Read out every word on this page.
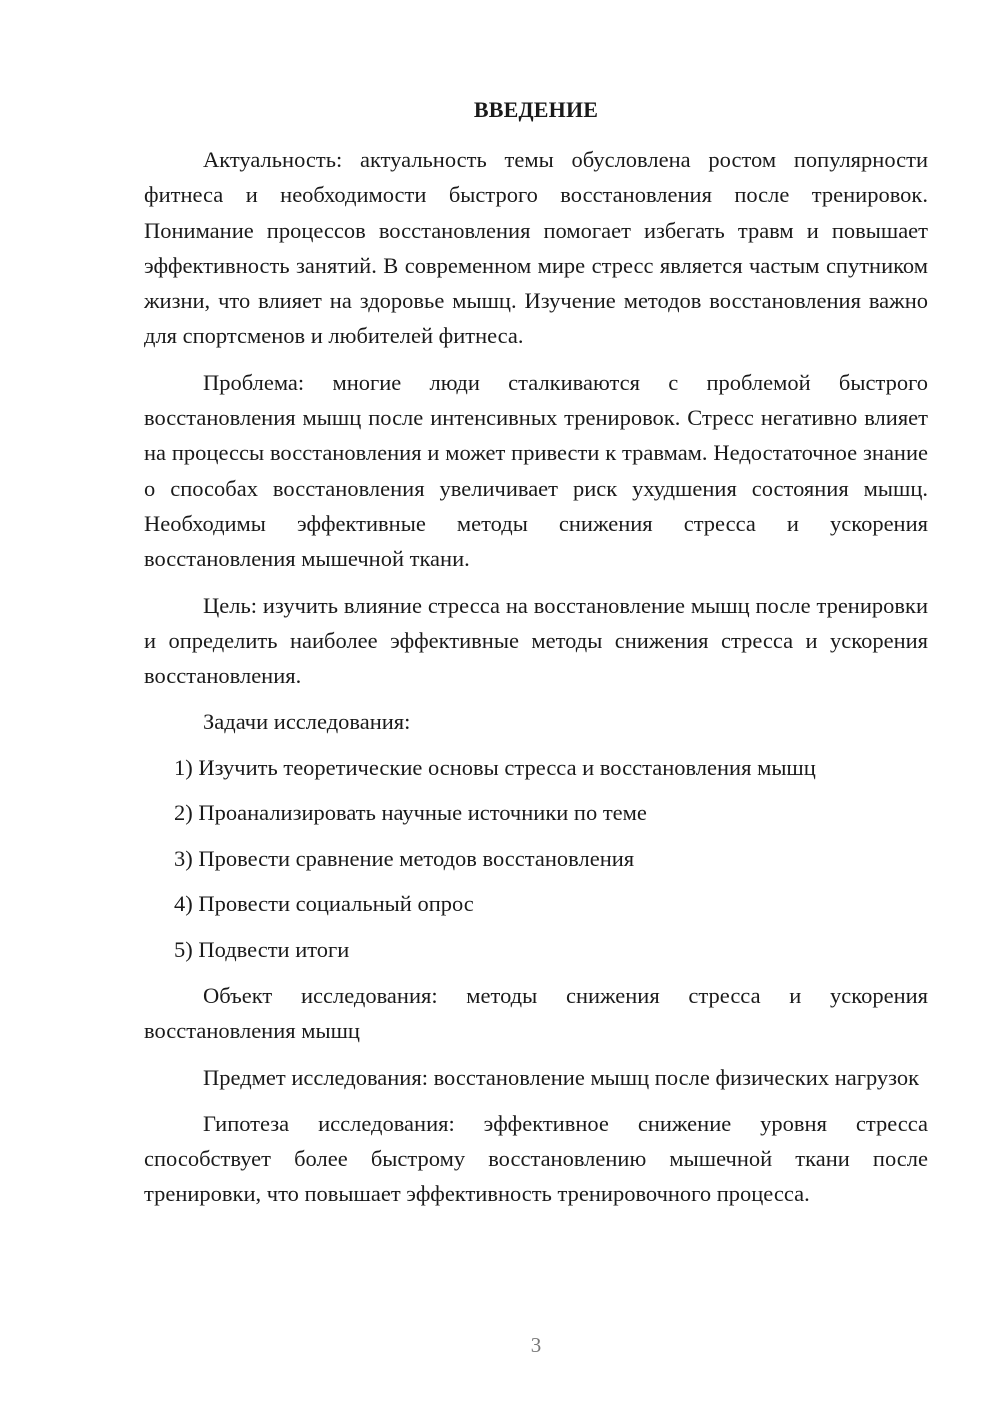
ВВЕДЕНИЕ

Актуальность: актуальность темы обусловлена ростом популярности фитнеса и необходимости быстрого восстановления после тренировок. Понимание процессов восстановления помогает избегать травм и повышает эффективность занятий. В современном мире стресс является частым спутником жизни, что влияет на здоровье мышц. Изучение методов восстановления важно для спортсменов и любителей фитнеса.

Проблема: многие люди сталкиваются с проблемой быстрого восстановления мышц после интенсивных тренировок. Стресс негативно влияет на процессы восстановления и может привести к травмам. Недостаточное знание о способах восстановления увеличивает риск ухудшения состояния мышц. Необходимы эффективные методы снижения стресса и ускорения восстановления мышечной ткани.

Цель: изучить влияние стресса на восстановление мышц после тренировки и определить наиболее эффективные методы снижения стресса и ускорения восстановления.

Задачи исследования:
1) Изучить теоретические основы стресса и восстановления мышц
2) Проанализировать научные источники по теме
3) Провести сравнение методов восстановления
4) Провести социальный опрос
5) Подвести итоги

Объект исследования: методы снижения стресса и ускорения восстановления мышц

Предмет исследования: восстановление мышц после физических нагрузок

Гипотеза исследования: эффективное снижение уровня стресса способствует более быстрому восстановлению мышечной ткани после тренировки, что повышает эффективность тренировочного процесса.

3
